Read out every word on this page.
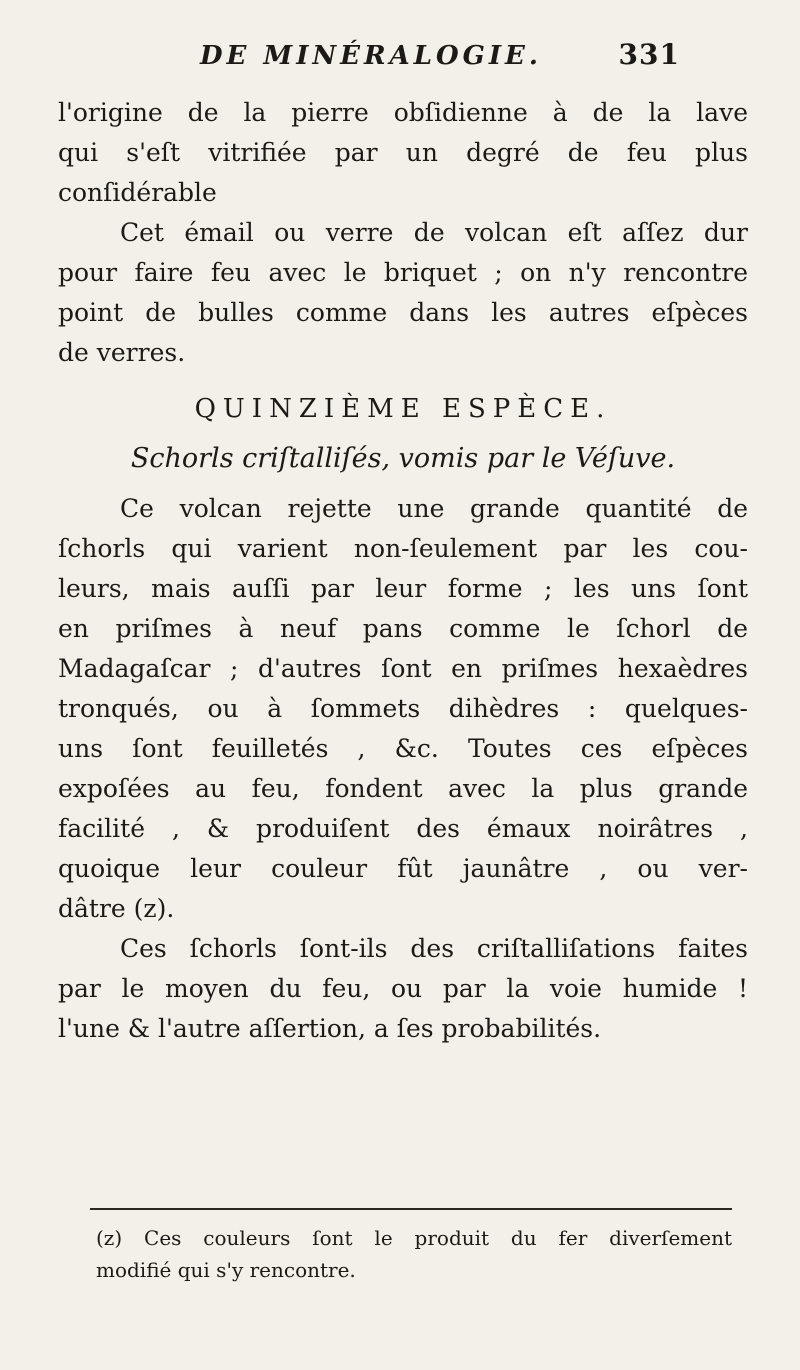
DE MINÉRALOGIE.	331
l'origine de la pierre obſidienne à de la lave
qui s'eſt vitrifiée par un degré de feu plus
conſidérable
Cet émail ou verre de volcan eſt aſſez dur
pour faire feu avec le briquet ; on n'y rencontre
point de bulles comme dans les autres eſpèces
de verres.
QUINZIÈME ESPÈCE.
Schorls criſtalliſés, vomis par le Véſuve.
Ce volcan rejette une grande quantité de
ſchorls qui varient non-ſeulement par les cou-
leurs, mais auſſi par leur forme ; les uns ſont
en priſmes à neuf pans comme le ſchorl de
Madagaſcar ; d'autres ſont en priſmes hexaèdres
tronqués, ou à ſommets dihèdres : quelques-
uns ſont feuilletés , &c. Toutes ces eſpèces
expoſées au feu, fondent avec la plus grande
facilité , & produiſent des émaux noirâtres ,
quoique leur couleur fût jaunâtre , ou ver-
dâtre (z).
Ces ſchorls ſont-ils des criſtalliſations faites
par le moyen du feu, ou par la voie humide !
l'une & l'autre aſſertion, a ſes probabilités.
(z) Ces couleurs ſont le produit du fer diverſement
modifié qui s'y rencontre.
